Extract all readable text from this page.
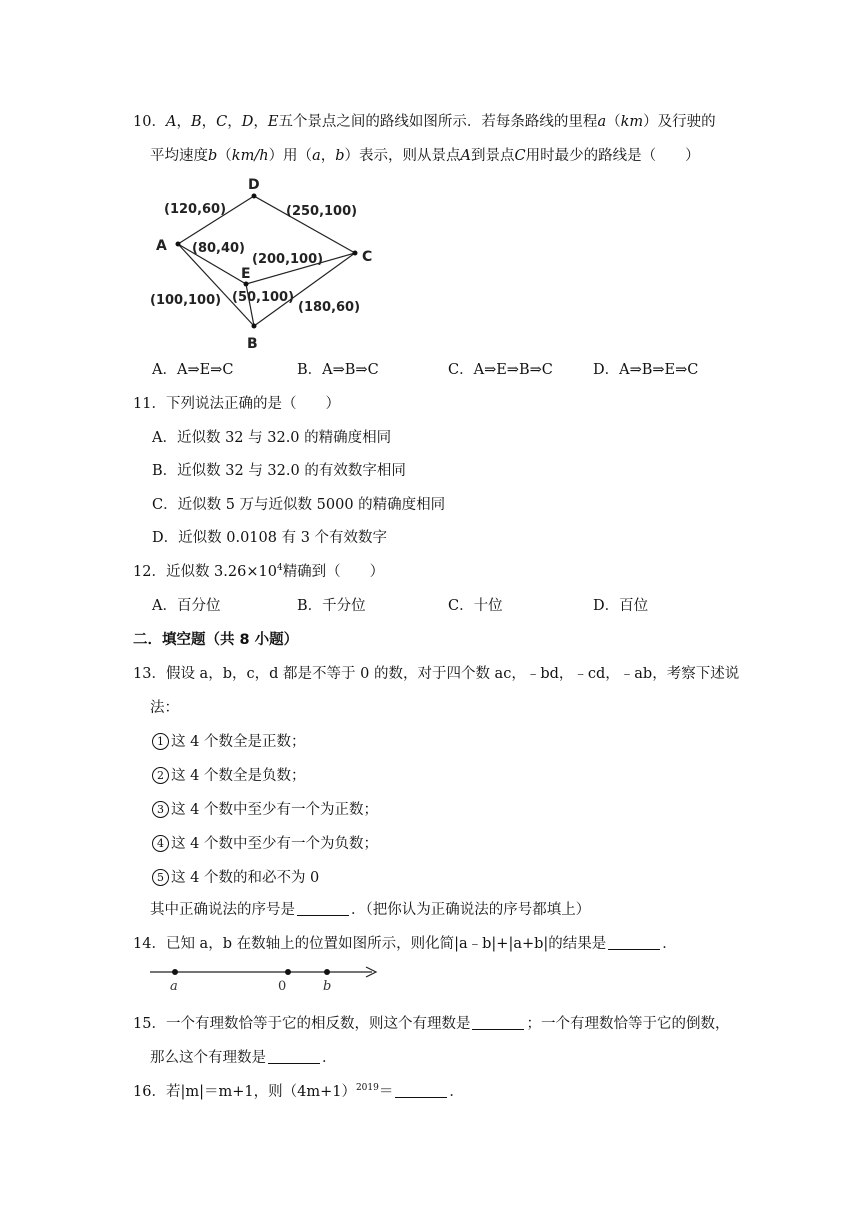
10．A，B，C，D，E五个景点之间的路线如图所示．若每条路线的里程a（km）及行驶的
平均速度b（km/h）用（a，b）表示，则从景点A到景点C用时最少的路线是（　　）
A
D
C
E
B
(120,60)	(250,100)
(80,40)
(200,100)
(100,100) (50,100)
(180,60)
A．A⇒E⇒C	B．A⇒B⇒C	C．A⇒E⇒B⇒C	D．A⇒B⇒E⇒C
11．下列说法正确的是（　　）
A．近似数 32 与 32.0 的精确度相同
B．近似数 32 与 32.0 的有效数字相同
C．近似数 5 万与近似数 5000 的精确度相同
D．近似数 0.0108 有 3 个有效数字
12．近似数 $3.26\times 10^4$精确到（　　）
A．百分位	B．千分位	C．十位	D．百位
二．填空题（共 8 小题）
13．假设 a，b，c，d 都是不等于 0 的数，对于四个数 ac，﹣bd，﹣cd，﹣ab，考察下述说
法：
1 这 4 个数全是正数；
2 这 4 个数全是负数；
3 这 4 个数中至少有一个为正数；
4 这 4 个数中至少有一个为负数；
5 这 4 个数的和必不为 0
其中正确说法的序号是	．（把你认为正确说法的序号都填上）
14．已知 a，b 在数轴上的位置如图所示，则化简|a﹣b|+|a+b|的结果是	．
a	0	b
15．一个有理数恰等于它的相反数，则这个有理数是	；一个有理数恰等于它的倒数，
那么这个有理数是	．
16．若|m|＝m+1，则$(4m+1)^{2019}=$	．
